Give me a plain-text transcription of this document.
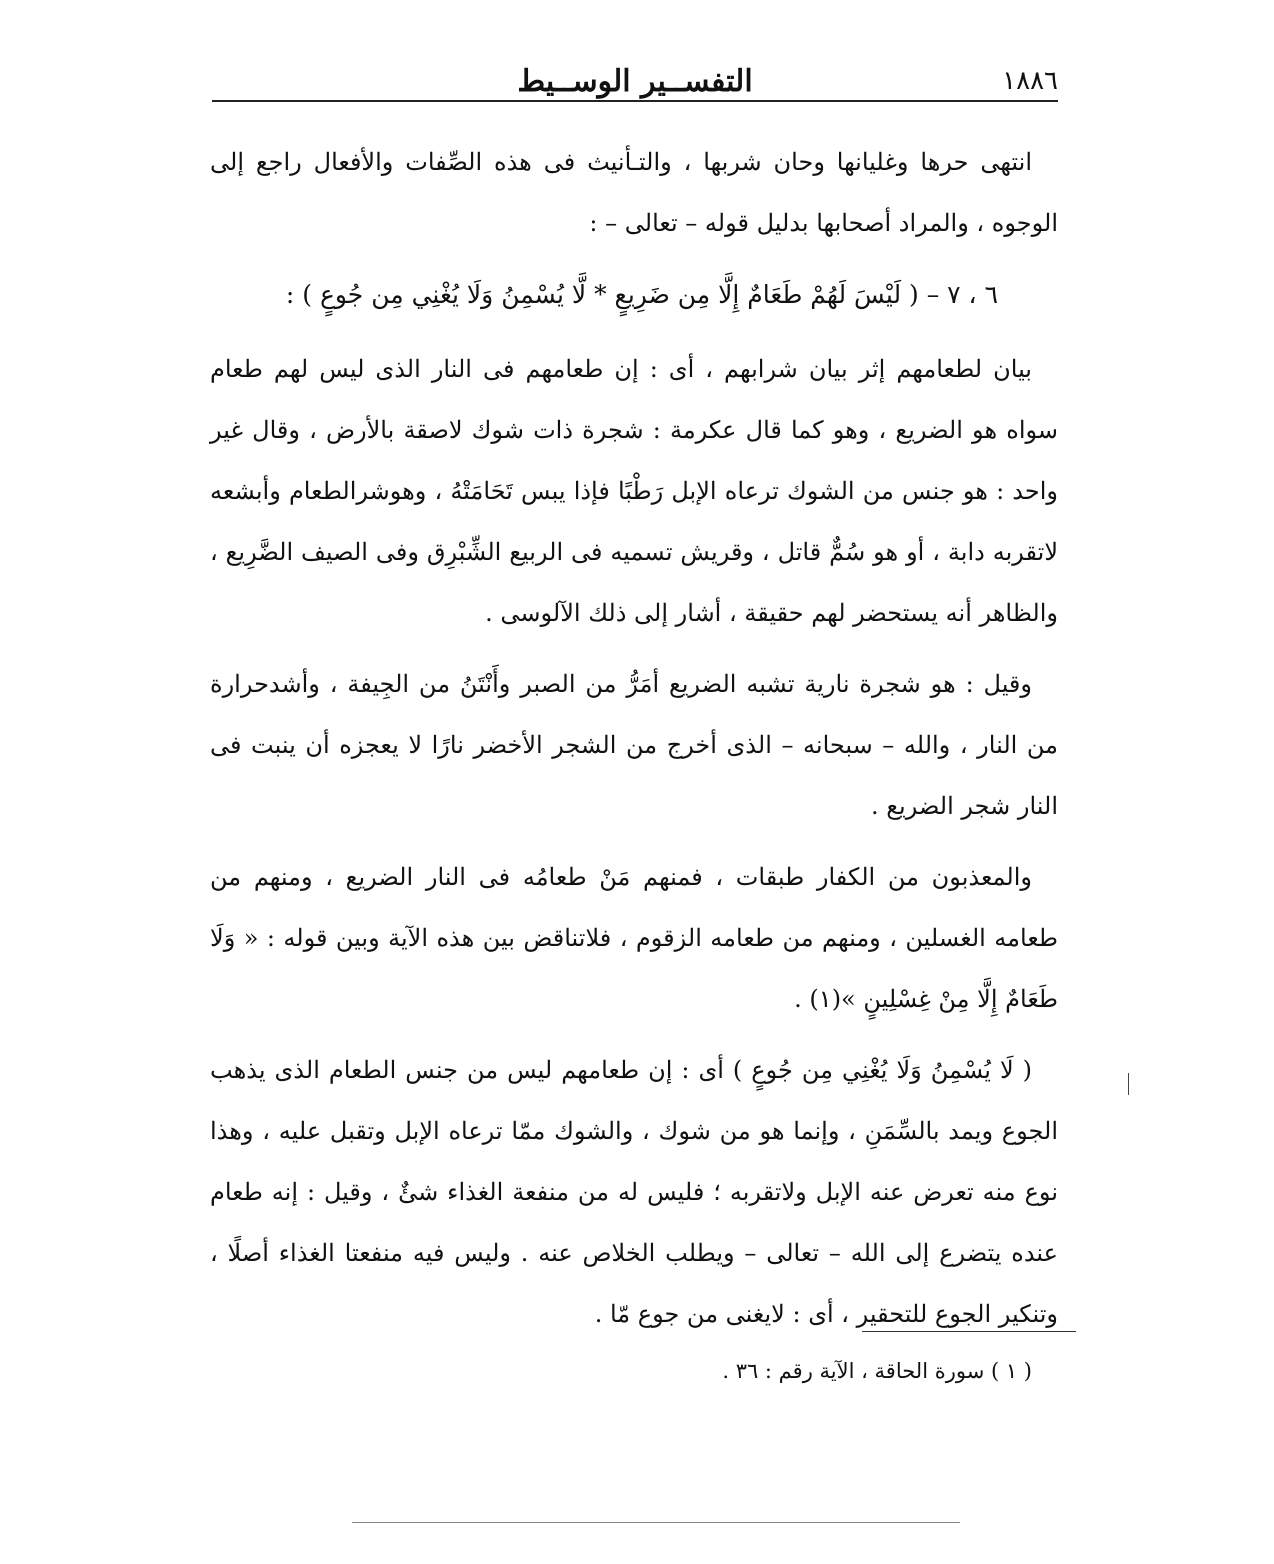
١٨٨٦
التفســير الوســيط

انتهى حرها وغليانها وحان شربها ، والتـأنيث فى هذه الصِّفات والأفعال راجع إلى الوجوه ، والمراد أصحابها بدليل قوله – تعالى – :

٦ ، ٧ – ( لَيْسَ لَهُمْ طَعَامٌ إِلَّا مِن ضَرِيعٍ * لَّا يُسْمِنُ وَلَا يُغْنِي مِن جُوعٍ ) :

بيان لطعامهم إثر بيان شرابهم ، أى : إن طعامهم فى النار الذى ليس لهم طعام سواه هو الضريع ، وهو كما قال عكرمة : شجرة ذات شوك لاصقة بالأرض ، وقال غير واحد : هو جنس من الشوك ترعاه الإبل رَطْبًا فإذا يبس تَحَامَتْهُ ، وهوشرالطعام وأبشعه لاتقربه دابة ، أو هو سُمٌّ قاتل ، وقريش تسميه فى الربيع الشِّبْرِق وفى الصيف الضَّرِيع ، والظاهر أنه يستحضر لهم حقيقة ، أشار إلى ذلك الآلوسى .

وقيل : هو شجرة نارية تشبه الضريع أمَرُّ من الصبر وأَنْتَنُ من الجِيفة ، وأشدحرارة من النار ، والله – سبحانه – الذى أخرج من الشجر الأخضر نارًا لا يعجزه أن ينبت فى النار شجر الضريع .

والمعذبون من الكفار طبقات ، فمنهم مَنْ طعامُه فى النار الضريع ، ومنهم من طعامه الغسلين ، ومنهم من طعامه الزقوم ، فلاتناقض بين هذه الآية وبين قوله : « وَلَا طَعَامٌ إِلَّا مِنْ غِسْلِينٍ »(١) .

( لَا يُسْمِنُ وَلَا يُغْنِي مِن جُوعٍ ) أى : إن طعامهم ليس من جنس الطعام الذى يذهب الجوع ويمد بالسِّمَنِ ، وإنما هو من شوك ، والشوك ممّا ترعاه الإبل وتقبل عليه ، وهذا نوع منه تعرض عنه الإبل ولاتقربه ؛ فليس له من منفعة الغذاء شئٌ ، وقيل : إنه طعام عنده يتضرع إلى الله – تعالى – ويطلب الخلاص عنه . وليس فيه منفعتا الغذاء أصلًا ، وتنكير الجوع للتحقير ، أى : لايغنى من جوع مّا .

( ١ ) سورة الحاقة ، الآية رقم : ٣٦ .
